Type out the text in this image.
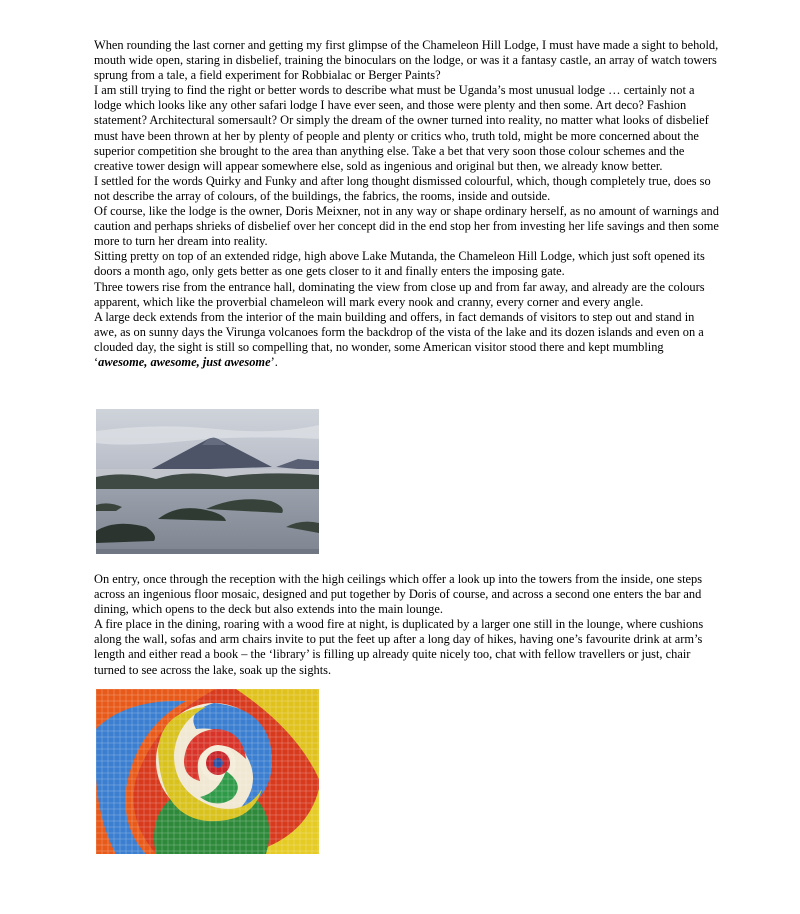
When rounding the last corner and getting my first glimpse of the Chameleon Hill Lodge, I must have made a sight to behold, mouth wide open, staring in disbelief, training the binoculars on the lodge, or was it a fantasy castle, an array of watch towers sprung from a tale, a field experiment for Robbialac or Berger Paints?

I am still trying to find the right or better words to describe what must be Uganda’s most unusual lodge … certainly not a lodge which looks like any other safari lodge I have ever seen, and those were plenty and then some. Art deco? Fashion statement? Architectural somersault? Or simply the dream of the owner turned into reality, no matter what looks of disbelief must have been thrown at her by plenty of people and plenty or critics who, truth told, might be more concerned about the superior competition she brought to the area than anything else. Take a bet that very soon those colour schemes and the creative tower design will appear somewhere else, sold as ingenious and original but then, we already know better.

I settled for the words Quirky and Funky and after long thought dismissed colourful, which, though completely true, does so not describe the array of colours, of the buildings, the fabrics, the rooms, inside and outside.

Of course, like the lodge is the owner, Doris Meixner, not in any way or shape ordinary herself, as no amount of warnings and caution and perhaps shrieks of disbelief over her concept did in the end stop her from investing her life savings and then some more to turn her dream into reality.

Sitting pretty on top of an extended ridge, high above Lake Mutanda, the Chameleon Hill Lodge, which just soft opened its doors a month ago, only gets better as one gets closer to it and finally enters the imposing gate.

Three towers rise from the entrance hall, dominating the view from close up and from far away, and already are the colours apparent, which like the proverbial chameleon will mark every nook and cranny, every corner and every angle.

A large deck extends from the interior of the main building and offers, in fact demands of visitors to step out and stand in awe, as on sunny days the Virunga volcanoes form the backdrop of the vista of the lake and its dozen islands and even on a clouded day, the sight is still so compelling that, no wonder, some American visitor stood there and kept mumbling ‘awesome, awesome, just awesome’.

On entry, once through the reception with the high ceilings which offer a look up into the towers from the inside, one steps across an ingenious floor mosaic, designed and put together by Doris of course, and across a second one enters the bar and dining, which opens to the deck but also extends into the main lounge.

A fire place in the dining, roaring with a wood fire at night, is duplicated by a larger one still in the lounge, where cushions along the wall, sofas and arm chairs invite to put the feet up after a long day of hikes, having one’s favourite drink at arm’s length and either read a book – the ‘library’ is filling up already quite nicely too, chat with fellow travellers or just, chair turned to see across the lake, soak up the sights.
